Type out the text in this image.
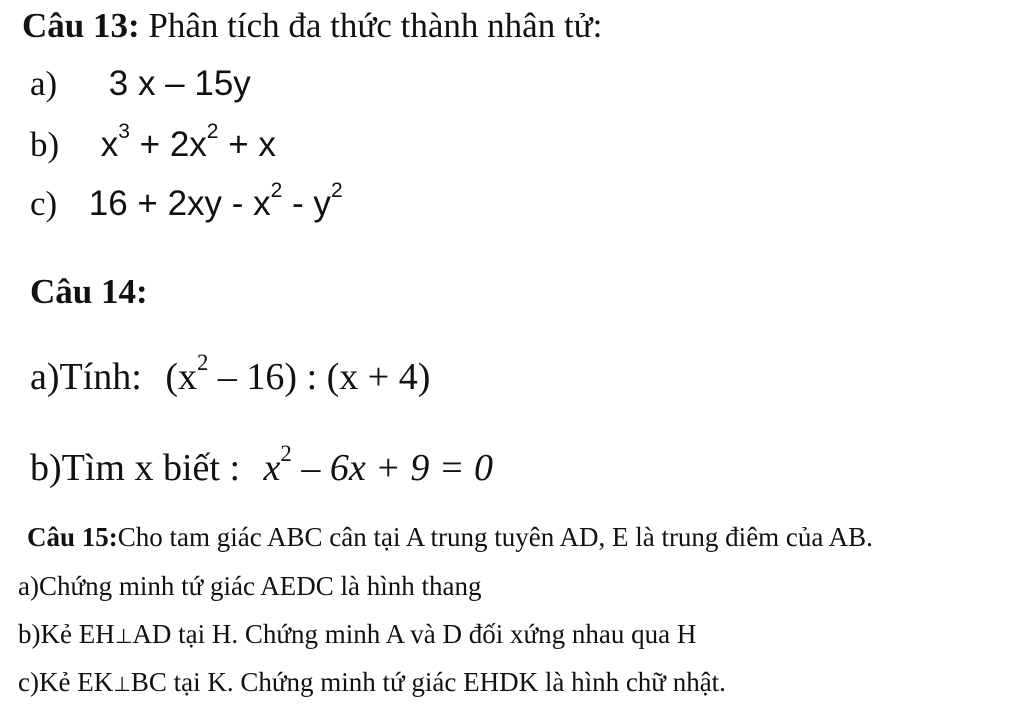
Câu 13: Phân tích đa thức thành nhân tử:
a) 3 x – 15y
b) $x^3 + 2x^2 + x$
c) $16 + 2xy - x^2 - y^2$
Câu 14:
a)Tính: $(x^2 - 16)$ : (x + 4)
b)Tìm x biết : $x^2 - 6x + 9 = 0$
Câu 15:Cho tam giác ABC cân tại A trung tuyên AD, E là trung điêm của AB.
a)Chứng minh tứ giác AEDC là hình thang
b)Kẻ EH⊥AD tại H. Chứng minh A và D đối xứng nhau qua H
c)Kẻ EK⊥BC tại K. Chứng minh tứ giác EHDK là hình chữ nhật.
